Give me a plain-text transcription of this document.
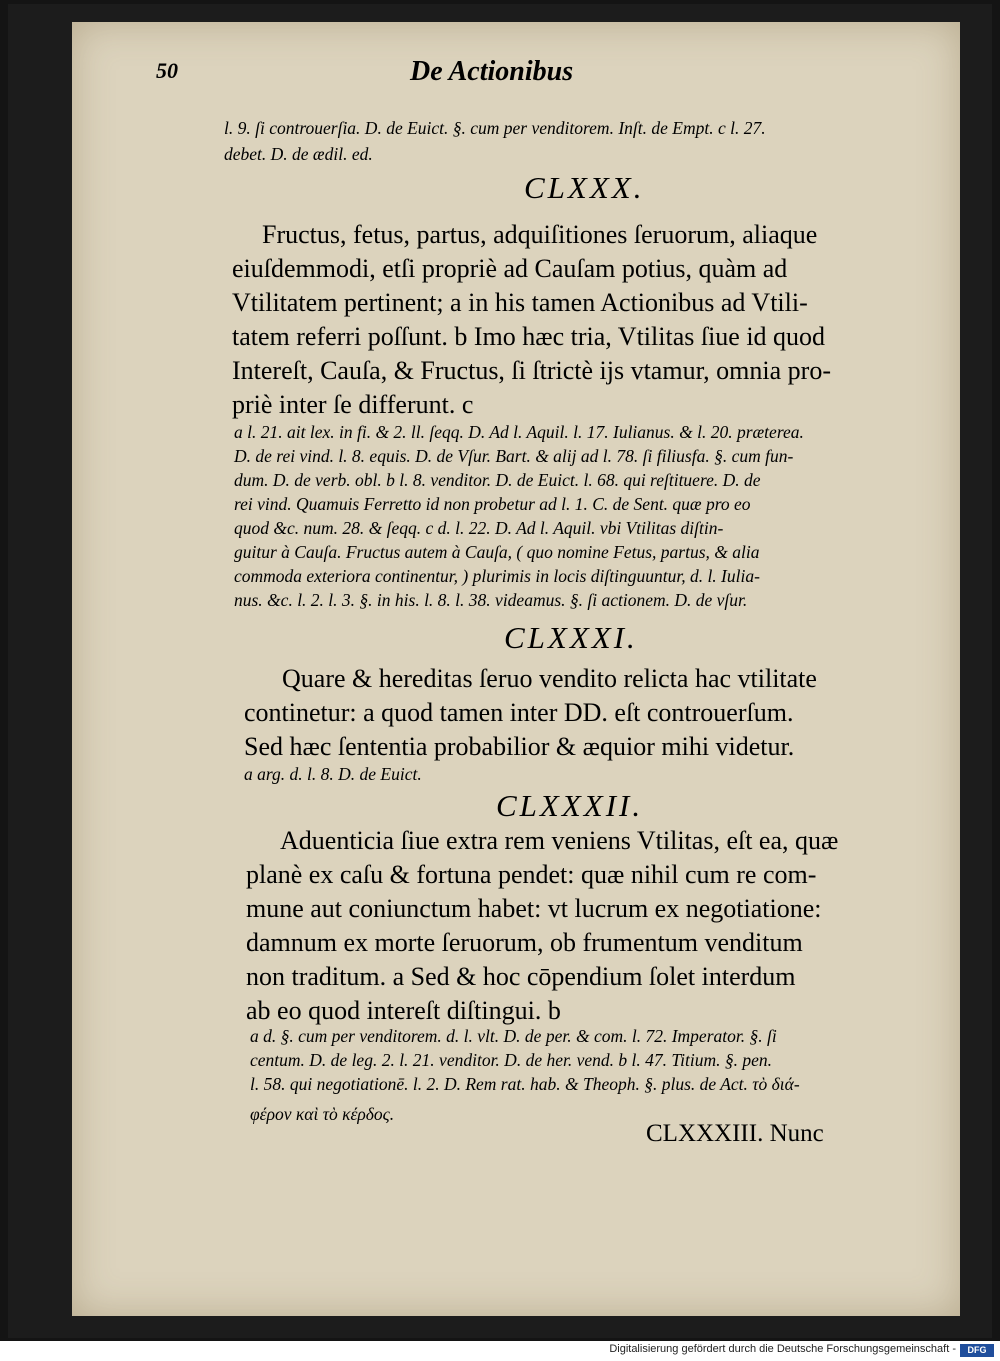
50	De Actionibus
l. 9. ſi controuerſia. D. de Euict. §. cum per venditorem. Inſt. de Empt. c l. 27.
debet. D. de ædil. ed.
CLXXX.
Fructus, fetus, partus, adquiſitiones ſeruorum, aliaque
eiuſdemmodi, etſi propriè ad Cauſam potius, quàm ad
Vtilitatem pertinent; a in his tamen Actionibus ad Vtili-
tatem referri poſſunt. b Imo hæc tria, Vtilitas ſiue id quod
Intereſt, Cauſa, & Fructus, ſi ſtrictè ijs vtamur, omnia pro-
priè inter ſe differunt. c
a l. 21. ait lex. in fi. & 2. ll. ſeqq. D. Ad l. Aquil. l. 17. Iulianus. & l. 20. præterea.
D. de rei vind. l. 8. equis. D. de Vſur. Bart. & alij ad l. 78. ſi filiusfa. §. cum fun-
dum. D. de verb. obl. b l. 8. venditor. D. de Euict. l. 68. qui reſtituere. D. de
rei vind. Quamuis Ferretto id non probetur ad l. 1. C. de Sent. quæ pro eo
quod &c. num. 28. & ſeqq. c d. l. 22. D. Ad l. Aquil. vbi Vtilitas diſtin-
guitur à Cauſa. Fructus autem à Cauſa, ( quo nomine Fetus, partus, & alia
commoda exteriora continentur, ) plurimis in locis diſtinguuntur, d. l. Iulia-
nus. &c. l. 2. l. 3. §. in his. l. 8. l. 38. videamus. §. ſi actionem. D. de vſur.
CLXXXI.
Quare & hereditas ſeruo vendito relicta hac vtilitate
continetur: a quod tamen inter DD. eſt controuerſum.
Sed hæc ſententia probabilior & æquior mihi videtur.
a arg. d. l. 8. D. de Euict.
CLXXXII.
Aduenticia ſiue extra rem veniens Vtilitas, eſt ea, quæ
planè ex caſu & fortuna pendet: quæ nihil cum re com-
mune aut coniunctum habet: vt lucrum ex negotiatione:
damnum ex morte ſeruorum, ob frumentum venditum
non traditum. a Sed & hoc cōpendium ſolet interdum
ab eo quod intereſt diſtingui. b
a d. §. cum per venditorem. d. l. vlt. D. de per. & com. l. 72. Imperator. §. ſi
centum. D. de leg. 2. l. 21. venditor. D. de her. vend. b l. 47. Titium. §. pen.
l. 58. qui negotiationē. l. 2. D. Rem rat. hab. & Theoph. §. plus. de Act. τὸ διά-
φέρον καὶ τὸ κέρδος.
CLXXXIII. Nunc
Digitalisierung gefördert durch die Deutsche Forschungsgemeinschaft -	DFG
